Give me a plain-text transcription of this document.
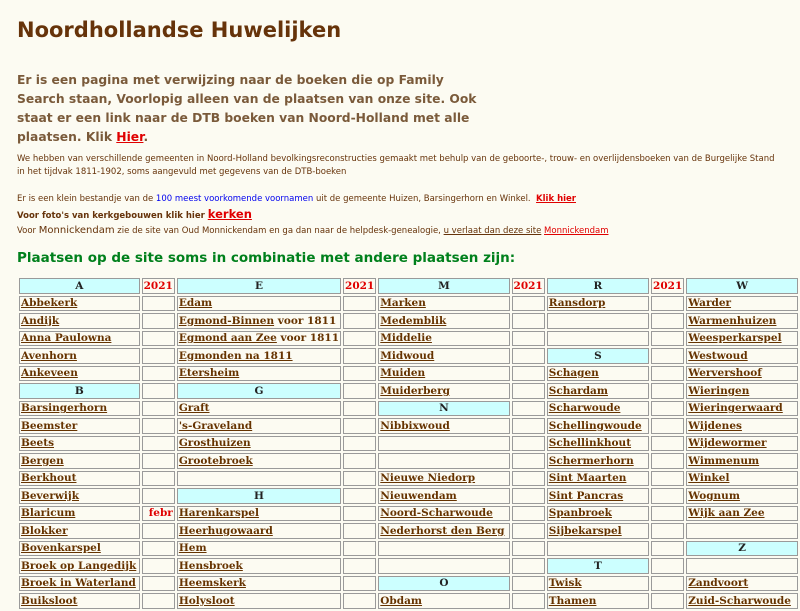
Noordhollandse Huwelijken
Er is een pagina met verwijzing naar de boeken die op Family Search staan, Voorlopig alleen van de plaatsen van onze site. Ook staat er een link naar de DTB boeken van Noord-Holland met alle plaatsen. Klik Hier.
We hebben van verschillende gemeenten in Noord-Holland bevolkingsreconstructies gemaakt met behulp van de geboorte-, trouw- en overlijdensboeken van de Burgelijke Stand
in het tijdvak 1811-1902, soms aangevuld met gegevens van de DTB-boeken
Er is een klein bestandje van de 100 meest voorkomende voornamen uit de gemeente Huizen, Barsingerhorn en Winkel. Klik hier
Voor foto's van kerkgebouwen klik hier kerken
Voor Monnickendam zie de site van Oud Monnickendam en ga dan naar de helpdesk-genealogie, u verlaat dan deze site Monnickendam
Plaatsen op de site soms in combinatie met andere plaatsen zijn:
A	2021	E	2021	M	2021	R	2021	W
Abbekerk		Edam		Marken		Ransdorp		Warder
Andijk		Egmond-Binnen voor 1811		Medemblik				Warmenhuizen
Anna Paulowna		Egmond aan Zee voor 1811		Middelie				Weesperkarspel
Avenhorn		Egmonden na 1811		Midwoud		S		Westwoud
Ankeveen		Etersheim		Muiden		Schagen		Wervershoof
B		G		Muiderberg		Schardam		Wieringen
Barsingerhorn		Graft		N		Scharwoude		Wieringerwaard
Beemster		's-Graveland		Nibbixwoud		Schellingwoude		Wijdenes
Beets		Grosthuizen				Schellinkhout		Wijdewormer
Bergen		Grootebroek				Schermerhorn		Wimmenum
Berkhout				Nieuwe Niedorp		Sint Maarten		Winkel
Beverwijk		H		Nieuwendam		Sint Pancras		Wognum
Blaricum	febr	Harenkarspel		Noord-Scharwoude		Spanbroek		Wijk aan Zee
Blokker		Heerhugowaard		Nederhorst den Berg		Sijbekarspel		
Bovenkarspel		Hem						Z
Broek op Langedijk		Hensbroek				T		
Broek in Waterland		Heemskerk		O		Twisk		Zandvoort
Buiksloot		Holysloot		Obdam		Thamen		Zuid-Scharwoude
